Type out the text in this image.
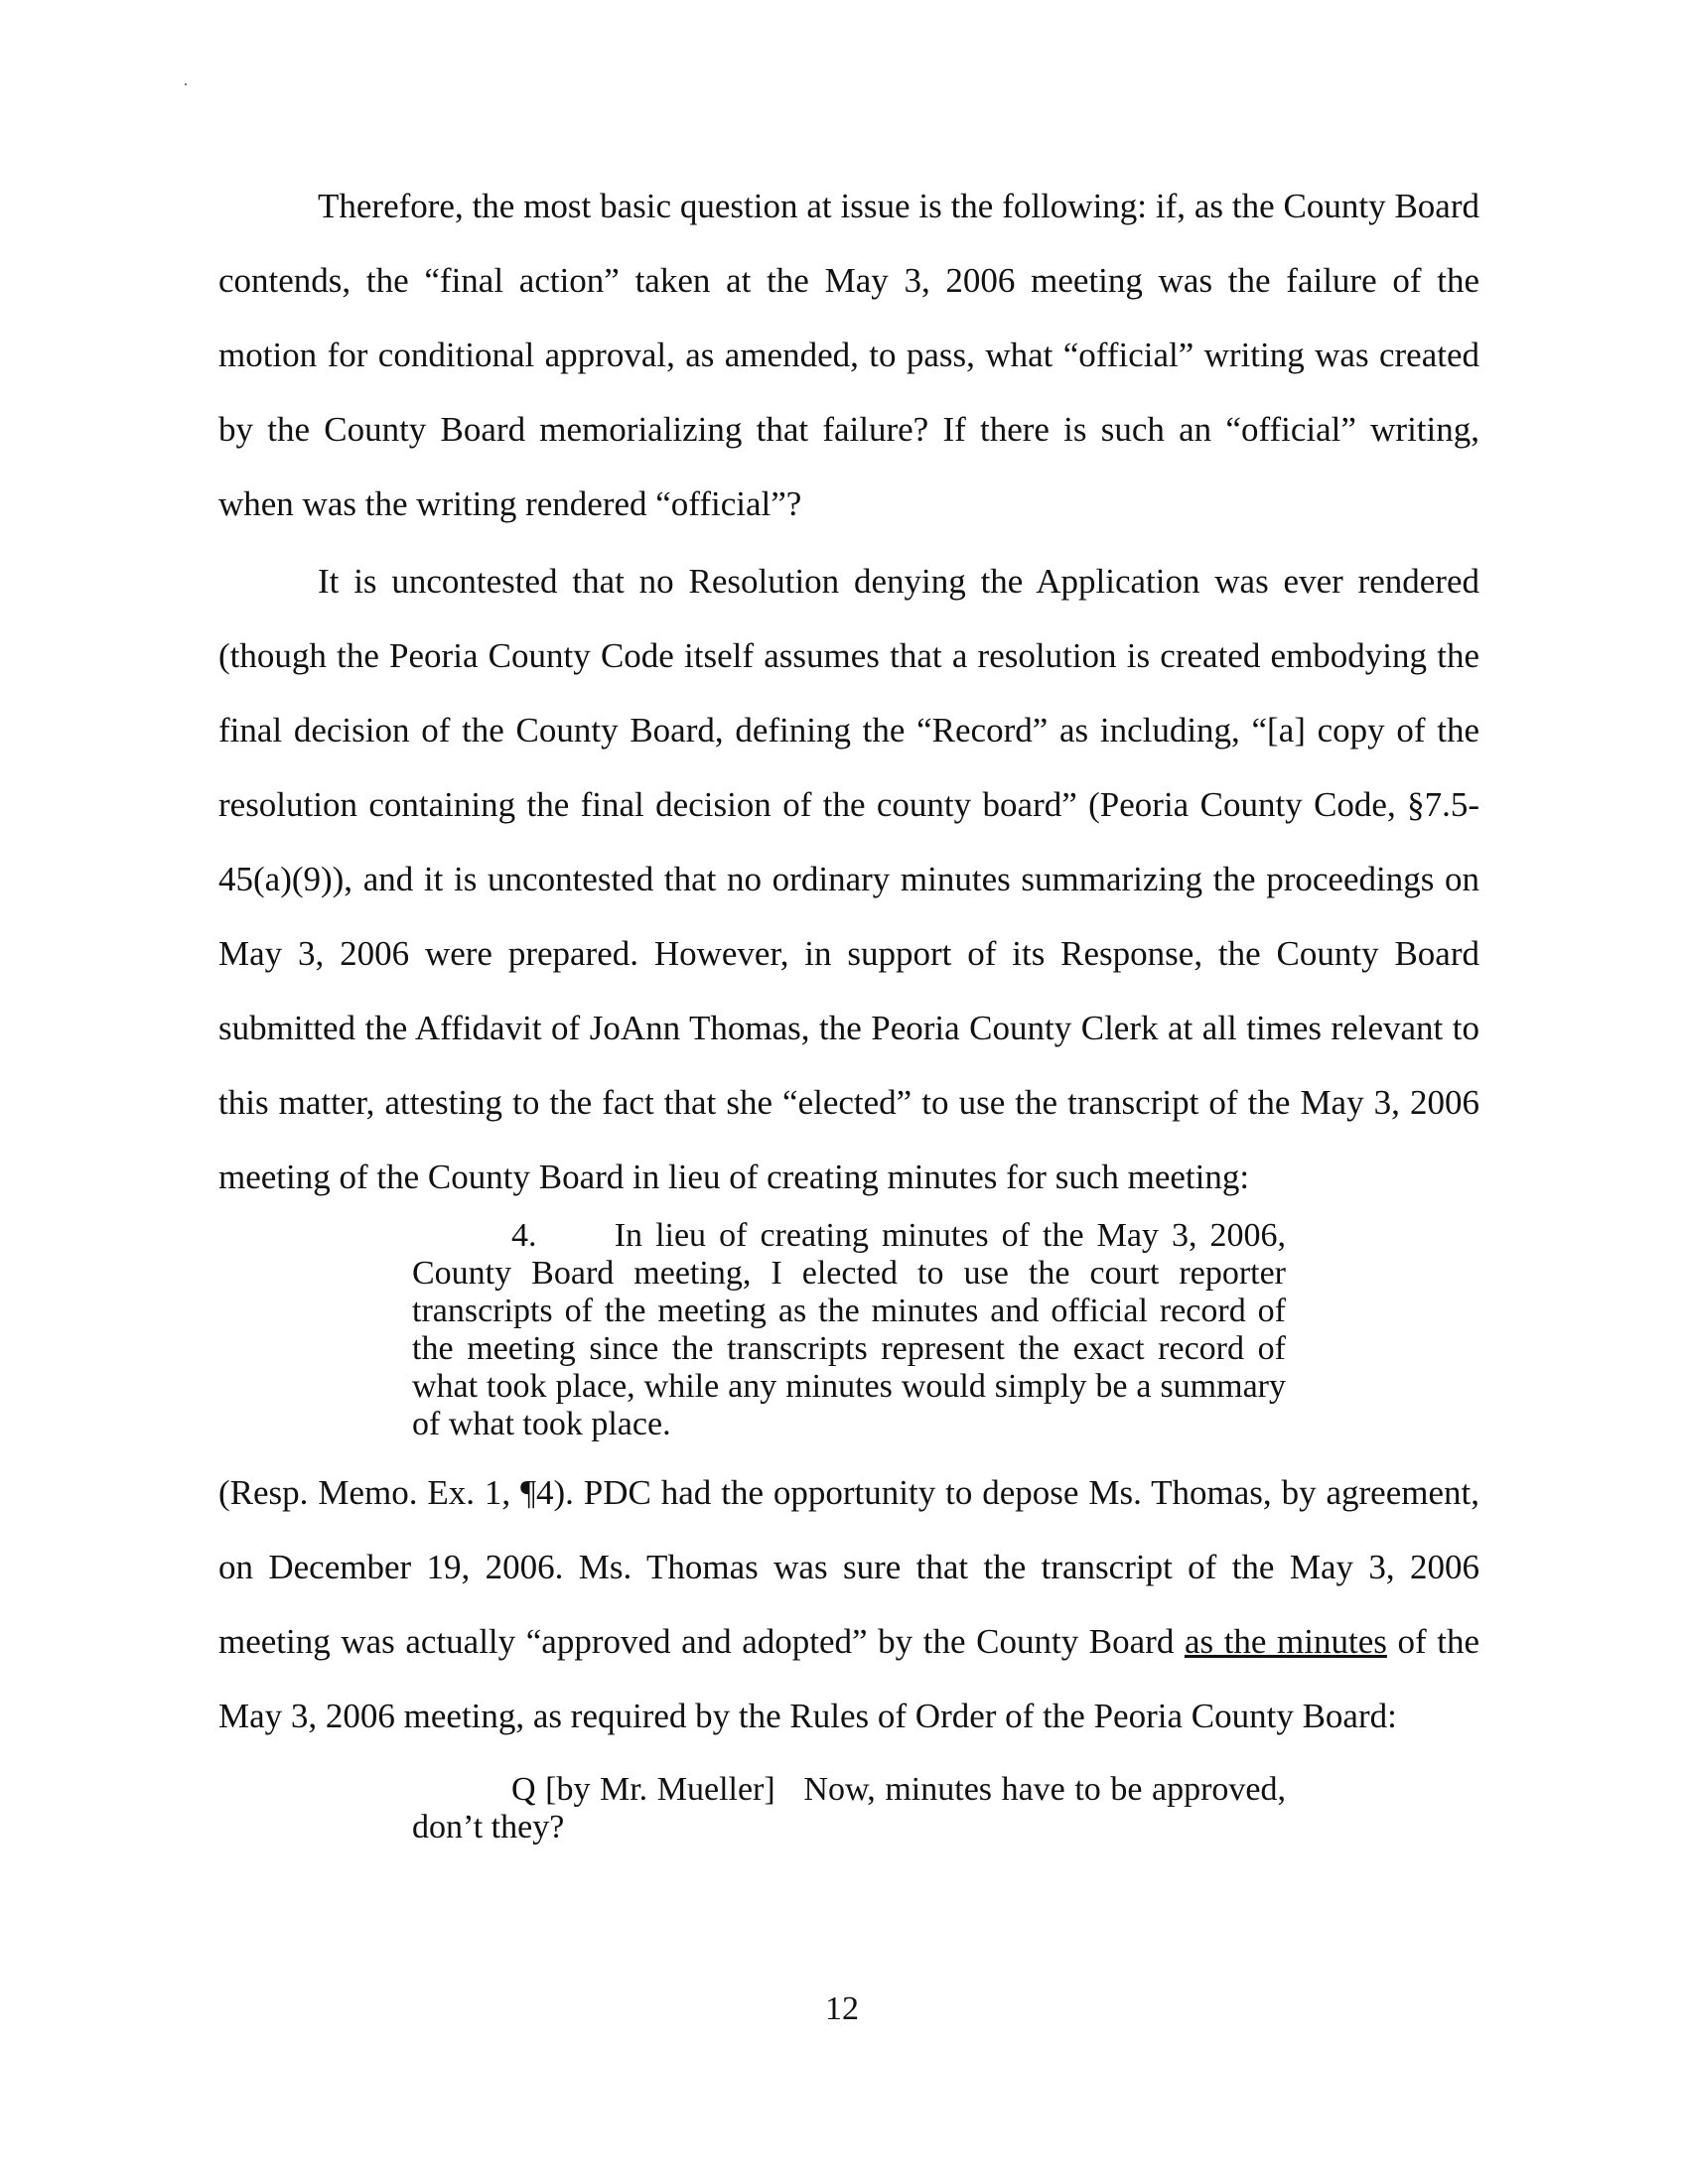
Therefore, the most basic question at issue is the following: if, as the County Board contends, the “final action” taken at the May 3, 2006 meeting was the failure of the motion for conditional approval, as amended, to pass, what “official” writing was created by the County Board memorializing that failure? If there is such an “official” writing, when was the writing rendered “official”?

It is uncontested that no Resolution denying the Application was ever rendered (though the Peoria County Code itself assumes that a resolution is created embodying the final decision of the County Board, defining the “Record” as including, “[a] copy of the resolution containing the final decision of the county board” (Peoria County Code, §7.5-45(a)(9)), and it is uncontested that no ordinary minutes summarizing the proceedings on May 3, 2006 were prepared. However, in support of its Response, the County Board submitted the Affidavit of JoAnn Thomas, the Peoria County Clerk at all times relevant to this matter, attesting to the fact that she “elected” to use the transcript of the May 3, 2006 meeting of the County Board in lieu of creating minutes for such meeting:

4.      In lieu of creating minutes of the May 3, 2006, County Board meeting, I elected to use the court reporter transcripts of the meeting as the minutes and official record of the meeting since the transcripts represent the exact record of what took place, while any minutes would simply be a summary of what took place.

(Resp. Memo. Ex. 1, ¶4). PDC had the opportunity to depose Ms. Thomas, by agreement, on December 19, 2006. Ms. Thomas was sure that the transcript of the May 3, 2006 meeting was actually “approved and adopted” by the County Board as the minutes of the May 3, 2006 meeting, as required by the Rules of Order of the Peoria County Board:

Q [by Mr. Mueller]   Now, minutes have to be approved, don’t they?

12
